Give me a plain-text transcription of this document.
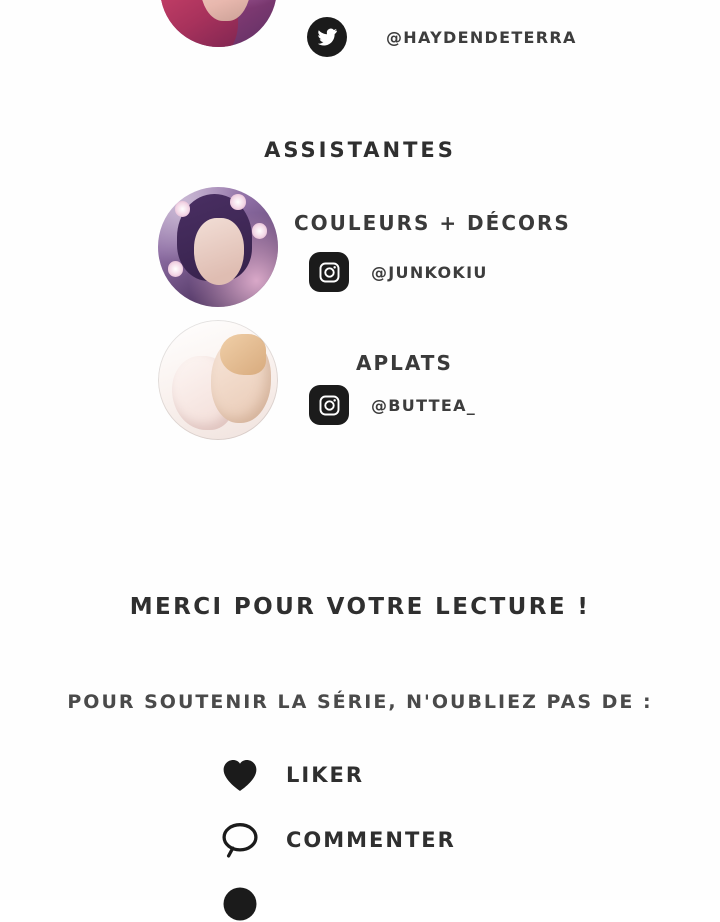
@HAYDENDETERRA
ASSISTANTES
COULEURS + DÉCORS
@JUNKOKIU
APLATS
@BUTTEA_
MERCI POUR VOTRE LECTURE !
POUR SOUTENIR LA SÉRIE, N'OUBLIEZ PAS DE :
LIKER
COMMENTER
